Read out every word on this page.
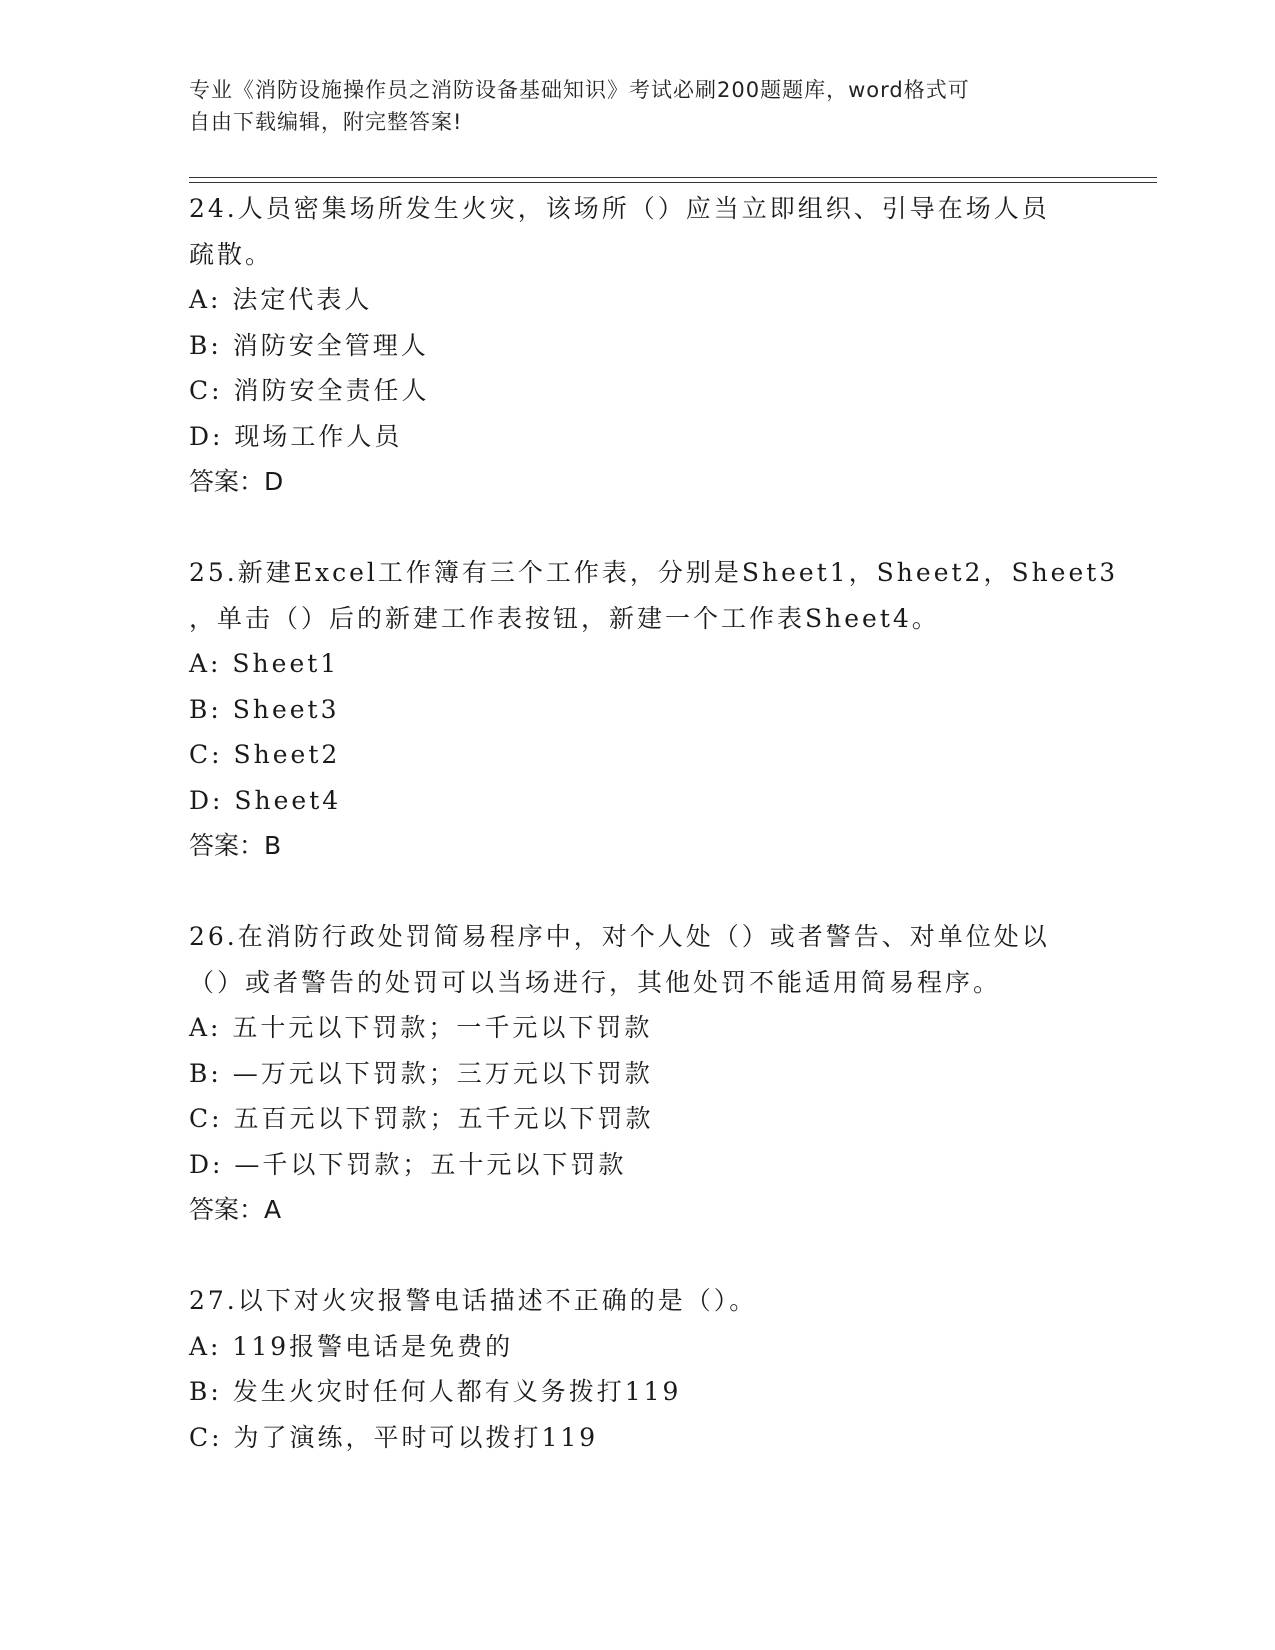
专业《消防设施操作员之消防设备基础知识》考试必刷200题题库，word格式可
自由下载编辑，附完整答案!
24.人员密集场所发生火灾，该场所（）应当立即组织、引导在场人员
疏散。
A: 法定代表人
B: 消防安全管理人
C: 消防安全责任人
D: 现场工作人员
答案：D
25.新建Excel工作簿有三个工作表，分别是Sheet1，Sheet2，Sheet3
，单击（）后的新建工作表按钮，新建一个工作表Sheet4。
A: Sheet1
B: Sheet3
C: Sheet2
D: Sheet4
答案：B
26.在消防行政处罚简易程序中，对个人处（）或者警告、对单位处以
（）或者警告的处罚可以当场进行，其他处罚不能适用简易程序。
A: 五十元以下罚款；一千元以下罚款
B: —万元以下罚款；三万元以下罚款
C: 五百元以下罚款；五千元以下罚款
D: —千以下罚款；五十元以下罚款
答案：A
27.以下对火灾报警电话描述不正确的是（）。
A: 119报警电话是免费的
B: 发生火灾时任何人都有义务拨打119
C: 为了演练，平时可以拨打119
